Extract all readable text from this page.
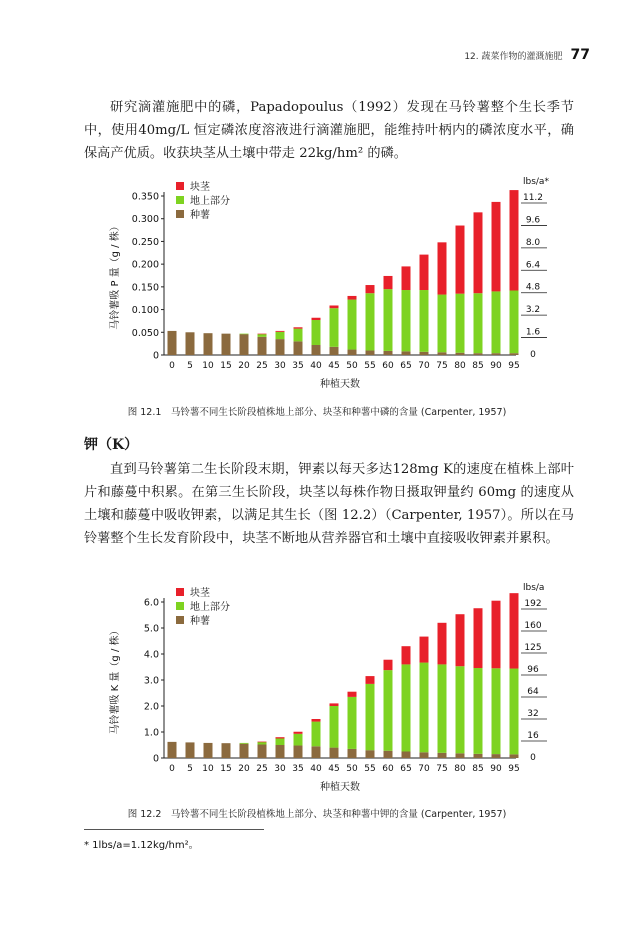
12. 蔬菜作物的灌溉施肥 77

研究滴灌施肥中的磷，Papadopoulus（1992）发现在马铃薯整个生长季节中，使用40mg/L 恒定磷浓度溶液进行滴灌施肥，能维持叶柄内的磷浓度水平，确保高产优质。收获块茎从土壤中带走 22kg/hm² 的磷。

0
0.050
0.100
0.150
0.200
0.250
0.300
0.350
0 5 10 15 20 25 30 35 40 45 50 55 60 65 70 75 80 85 90 95
种植天数
马铃薯吸 P 量（g / 株）
块茎
地上部分
种薯
lbs/a*
0
1.6
3.2
4.8
6.4
8.0
9.6
11.2
图 12.1　马铃薯不同生长阶段植株地上部分、块茎和种薯中磷的含量 (Carpenter, 1957)

钾（K）

直到马铃薯第二生长阶段末期，钾素以每天多达128mg K的速度在植株上部叶片和藤蔓中积累。在第三生长阶段，块茎以每株作物日摄取钾量约 60mg 的速度从土壤和藤蔓中吸收钾素，以满足其生长（图 12.2）（Carpenter, 1957）。所以在马铃薯整个生长发育阶段中，块茎不断地从营养器官和土壤中直接吸收钾素并累积。

0
1.0
2.0
3.0
4.0
5.0
6.0
0 5 10 15 20 25 30 35 40 45 50 55 60 65 70 75 80 85 90 95
种植天数
马铃薯吸 K 量（g / 株）
块茎
地上部分
种薯
lbs/a
0
16
32
64
96
125
160
192
图 12.2　马铃薯不同生长阶段植株地上部分、块茎和种薯中钾的含量 (Carpenter, 1957)
* 1lbs/a=1.12kg/hm²。
